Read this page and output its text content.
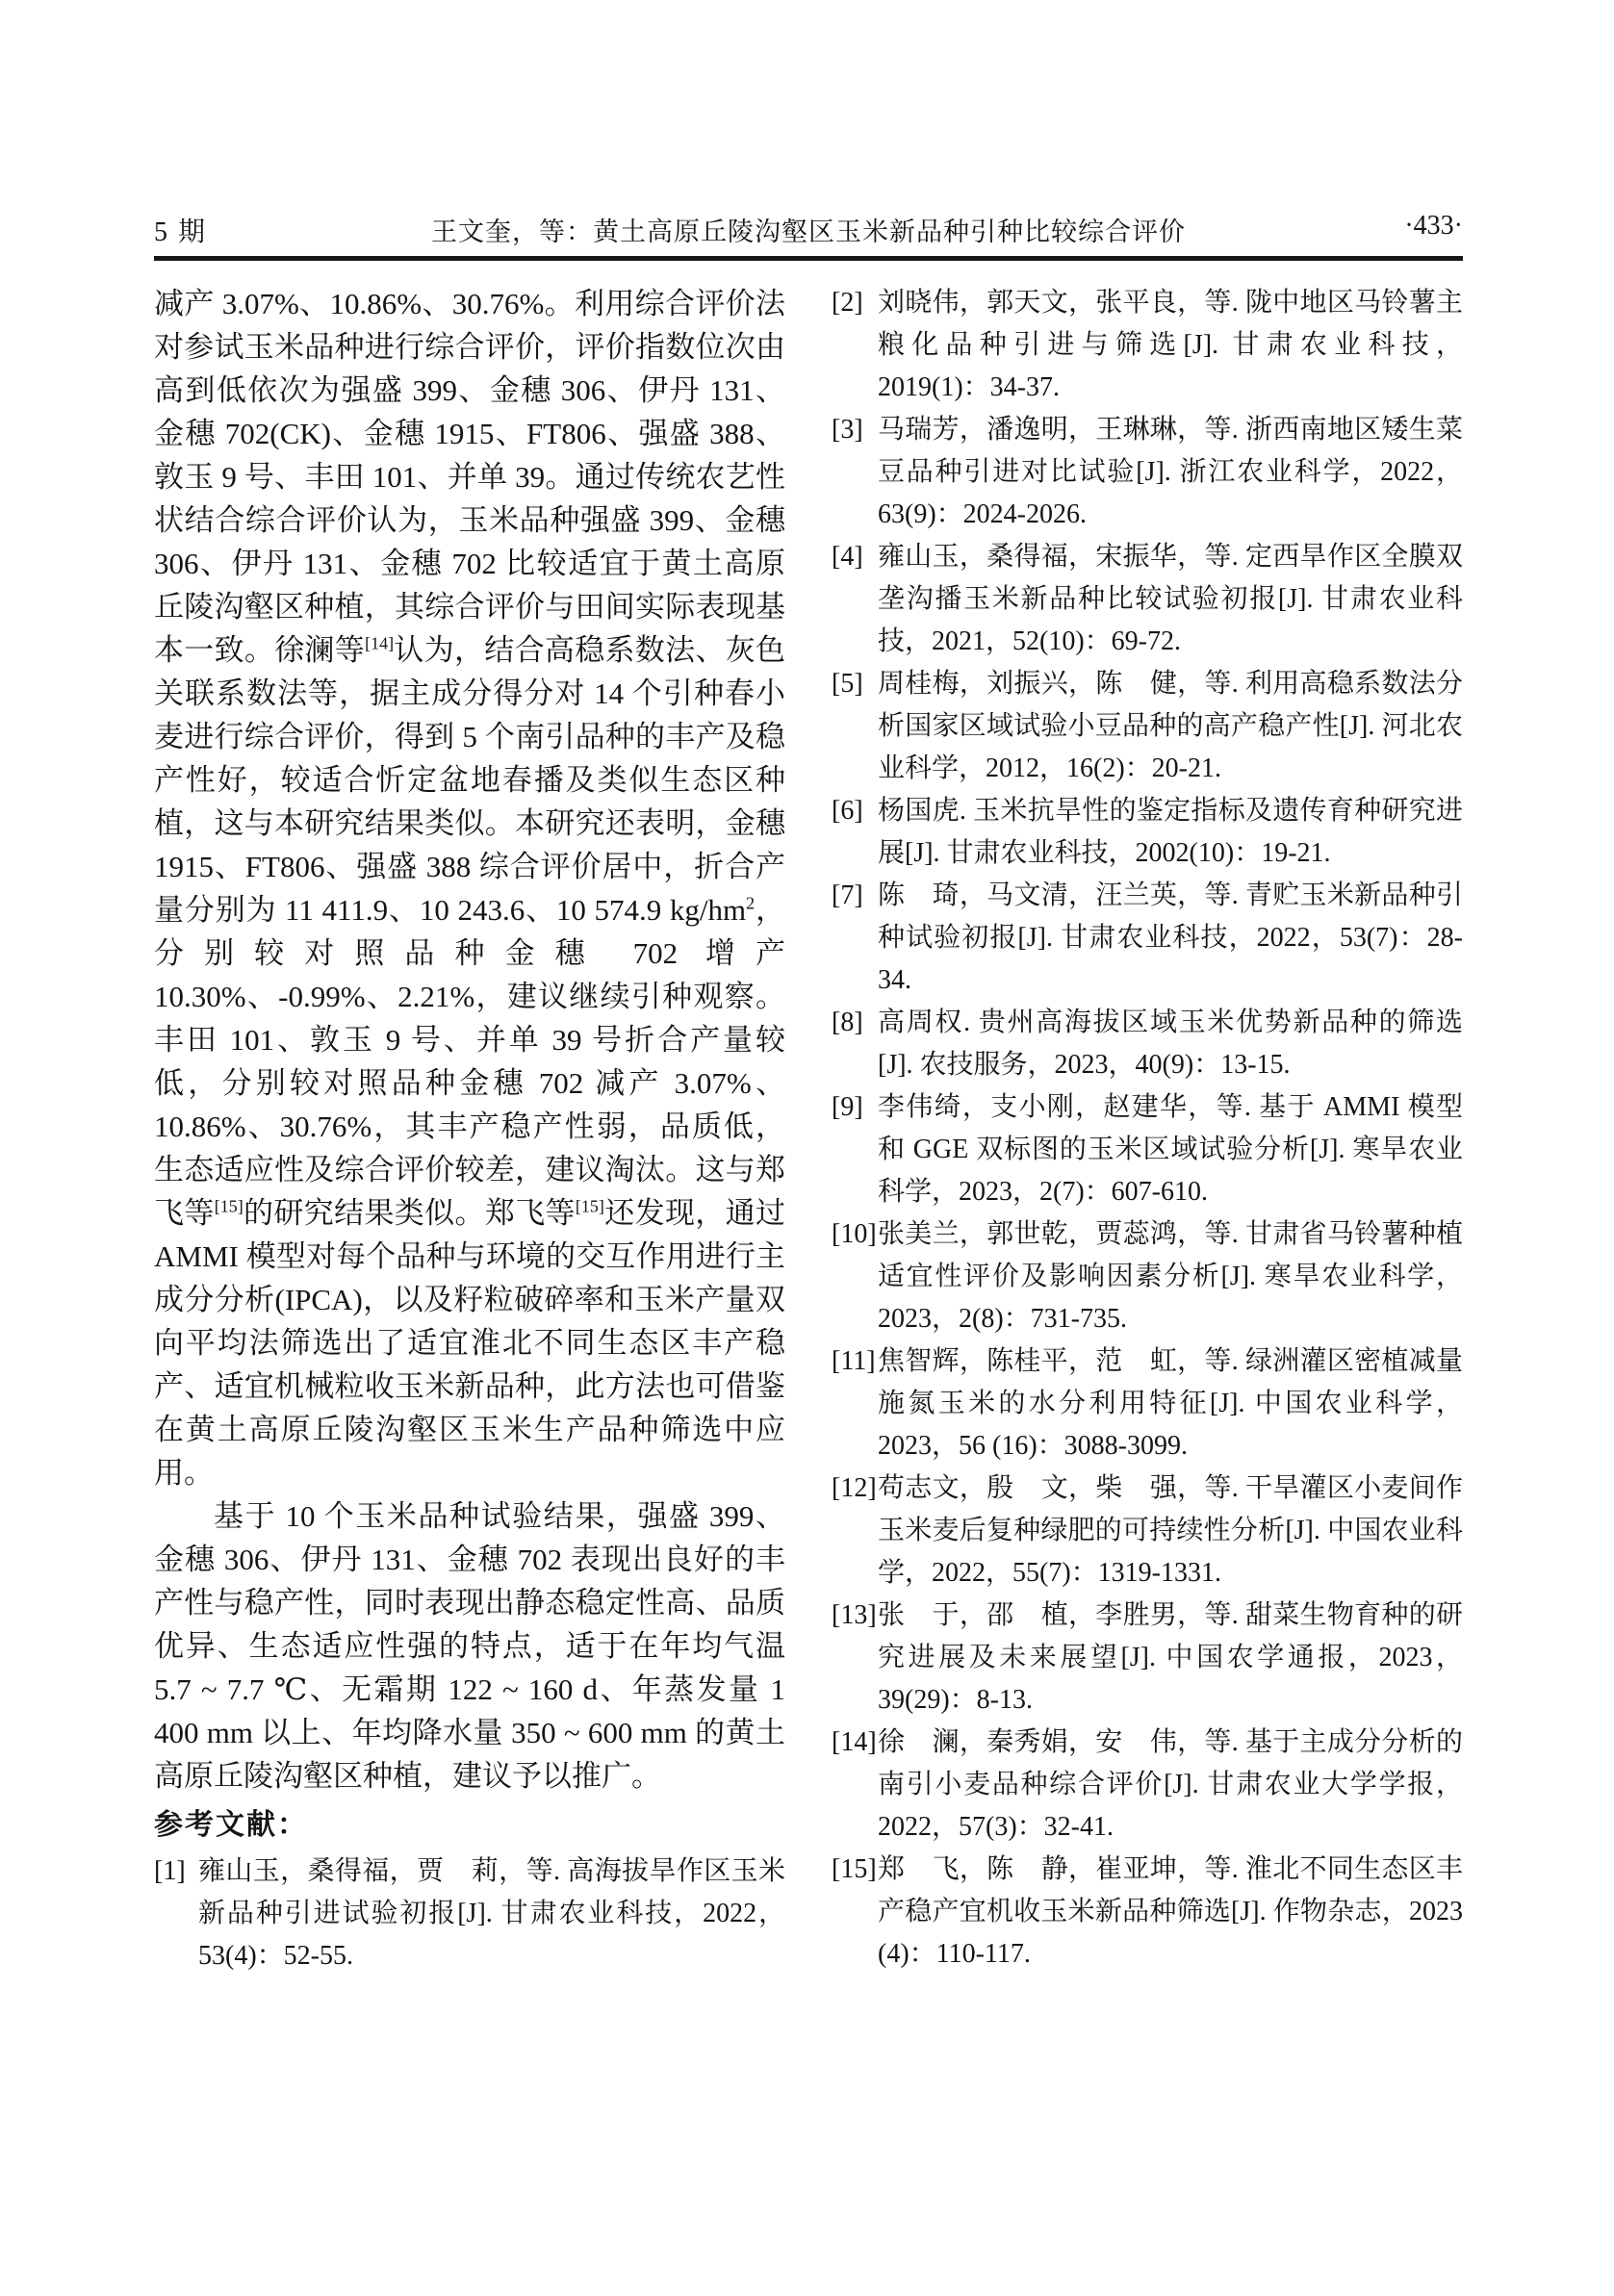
5 期	王文奎，等：黄土高原丘陵沟壑区玉米新品种引种比较综合评价	·433·

减产 3.07%、10.86%、30.76%。利用综合评价法对参试玉米品种进行综合评价，评价指数位次由高到低依次为强盛 399、金穗 306、伊丹 131、金穗 702(CK)、金穗 1915、FT806、强盛 388、敦玉 9 号、丰田 101、并单 39。通过传统农艺性状结合综合评价认为，玉米品种强盛 399、金穗 306、伊丹 131、金穗 702 比较适宜于黄土高原丘陵沟壑区种植，其综合评价与田间实际表现基本一致。徐澜等[14]认为，结合高稳系数法、灰色关联系数法等，据主成分得分对 14 个引种春小麦进行综合评价，得到 5 个南引品种的丰产及稳产性好，较适合忻定盆地春播及类似生态区种植，这与本研究结果类似。本研究还表明，金穗 1915、FT806、强盛 388 综合评价居中，折合产量分别为 11 411.9、10 243.6、10 574.9 $kg/hm^2$，分别较对照品种金穗 702 增产 10.30%、-0.99%、2.21%，建议继续引种观察。丰田 101、敦玉 9 号、并单 39 号折合产量较低，分别较对照品种金穗 702 减产 3.07%、10.86%、30.76%，其丰产稳产性弱，品质低，生态适应性及综合评价较差，建议淘汰。这与郑飞等[15]的研究结果类似。郑飞等[15]还发现，通过 AMMI 模型对每个品种与环境的交互作用进行主成分分析(IPCA)，以及籽粒破碎率和玉米产量双向平均法筛选出了适宜淮北不同生态区丰产稳产、适宜机械粒收玉米新品种，此方法也可借鉴在黄土高原丘陵沟壑区玉米生产品种筛选中应用。

基于 10 个玉米品种试验结果，强盛 399、金穗 306、伊丹 131、金穗 702 表现出良好的丰产性与稳产性，同时表现出静态稳定性高、品质优异、生态适应性强的特点，适于在年均气温 5.7 ~ 7.7 ℃、无霜期 122 ~ 160 d、年蒸发量 1 400 mm 以上、年均降水量 350 ~ 600 mm 的黄土高原丘陵沟壑区种植，建议予以推广。

参考文献：
[1] 雍山玉，桑得福，贾　莉，等. 高海拔旱作区玉米新品种引进试验初报[J]. 甘肃农业科技，2022，53(4)：52-55.
[2] 刘晓伟，郭天文，张平良，等. 陇中地区马铃薯主粮化品种引进与筛选[J]. 甘肃农业科技，2019(1)：34-37.
[3] 马瑞芳，潘逸明，王琳琳，等. 浙西南地区矮生菜豆品种引进对比试验[J]. 浙江农业科学，2022，63(9)：2024-2026.
[4] 雍山玉，桑得福，宋振华，等. 定西旱作区全膜双垄沟播玉米新品种比较试验初报[J]. 甘肃农业科技，2021，52(10)：69-72.
[5] 周桂梅，刘振兴，陈　健，等. 利用高稳系数法分析国家区域试验小豆品种的高产稳产性[J]. 河北农业科学，2012，16(2)：20-21.
[6] 杨国虎. 玉米抗旱性的鉴定指标及遗传育种研究进展[J]. 甘肃农业科技，2002(10)：19-21.
[7] 陈　琦，马文清，汪兰英，等. 青贮玉米新品种引种试验初报[J]. 甘肃农业科技，2022，53(7)：28-34.
[8] 高周权. 贵州高海拔区域玉米优势新品种的筛选[J]. 农技服务，2023，40(9)：13-15.
[9] 李伟绮，支小刚，赵建华，等. 基于 AMMI 模型和 GGE 双标图的玉米区域试验分析[J]. 寒旱农业科学，2023，2(7)：607-610.
[10] 张美兰，郭世乾，贾蕊鸿，等. 甘肃省马铃薯种植适宜性评价及影响因素分析[J]. 寒旱农业科学，2023，2(8)：731-735.
[11] 焦智辉，陈桂平，范　虹，等. 绿洲灌区密植减量施氮玉米的水分利用特征[J]. 中国农业科学，2023，56 (16)：3088-3099.
[12] 苟志文，殷　文，柴　强，等. 干旱灌区小麦间作玉米麦后复种绿肥的可持续性分析[J]. 中国农业科学，2022，55(7)：1319-1331.
[13] 张　于，邵　植，李胜男，等. 甜菜生物育种的研究进展及未来展望[J]. 中国农学通报，2023，39(29)：8-13.
[14] 徐　澜，秦秀娟，安　伟，等. 基于主成分分析的南引小麦品种综合评价[J]. 甘肃农业大学学报，2022，57(3)：32-41.
[15] 郑　飞，陈　静，崔亚坤，等. 淮北不同生态区丰产稳产宜机收玉米新品种筛选[J]. 作物杂志，2023 (4)：110-117.
